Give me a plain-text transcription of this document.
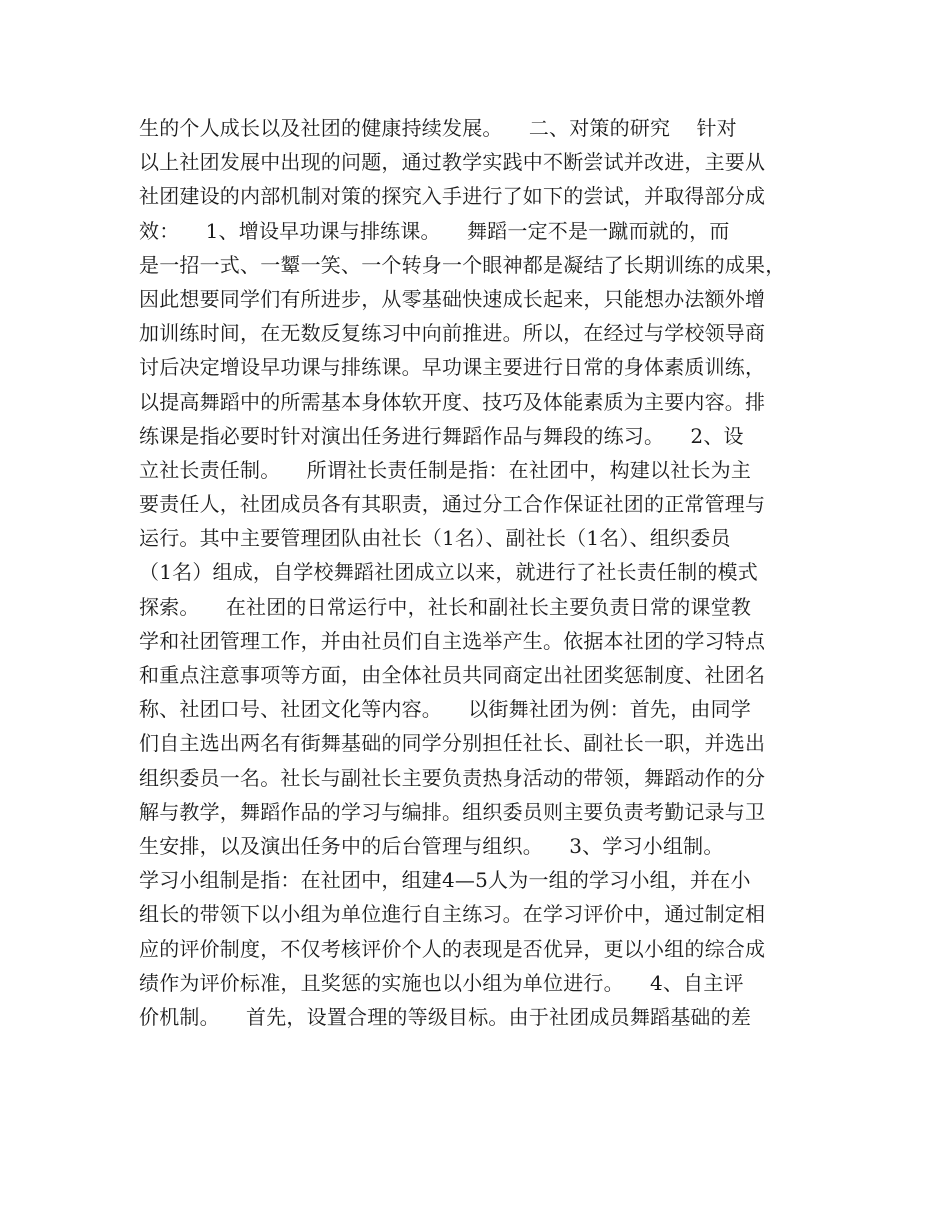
生的个人成长以及社团的健康持续发展。    二、对策的研究    针对
以上社团发展中出现的问题，通过教学实践中不断尝试并改进，主要从
社团建设的内部机制对策的探究入手进行了如下的尝试，并取得部分成
效：    1、增设早功课与排练课。    舞蹈一定不是一蹴而就的，而
是一招一式、一颦一笑、一个转身一个眼神都是凝结了长期训练的成果，
因此想要同学们有所进步，从零基础快速成长起来，只能想办法额外增
加训练时间，在无数反复练习中向前推进。所以，在经过与学校领导商
讨后决定增设早功课与排练课。早功课主要进行日常的身体素质训练，
以提高舞蹈中的所需基本身体软开度、技巧及体能素质为主要内容。排
练课是指必要时针对演出任务进行舞蹈作品与舞段的练习。    2、设
立社长责任制。    所谓社长责任制是指：在社团中，构建以社长为主
要责任人，社团成员各有其职责，通过分工合作保证社团的正常管理与
运行。其中主要管理团队由社长（1名）、副社长（1名）、组织委员
（1名）组成，自学校舞蹈社团成立以来，就进行了社长责任制的模式
探索。    在社团的日常运行中，社长和副社长主要负责日常的课堂教
学和社团管理工作，并由社员们自主选举产生。依据本社团的学习特点
和重点注意事项等方面，由全体社员共同商定出社团奖惩制度、社团名
称、社团口号、社团文化等内容。    以街舞社团为例：首先，由同学
们自主选出两名有街舞基础的同学分别担任社长、副社长一职，并选出
组织委员一名。社长与副社长主要负责热身活动的带领，舞蹈动作的分
解与教学，舞蹈作品的学习与编排。组织委员则主要负责考勤记录与卫
生安排，以及演出任务中的后台管理与组织。    3、学习小组制。
学习小组制是指：在社团中，组建4—5人为一组的学习小组，并在小
组长的带领下以小组为单位進行自主练习。在学习评价中，通过制定相
应的评价制度，不仅考核评价个人的表现是否优异，更以小组的综合成
绩作为评价标准，且奖惩的实施也以小组为单位进行。    4、自主评
价机制。    首先，设置合理的等级目标。由于社团成员舞蹈基础的差
